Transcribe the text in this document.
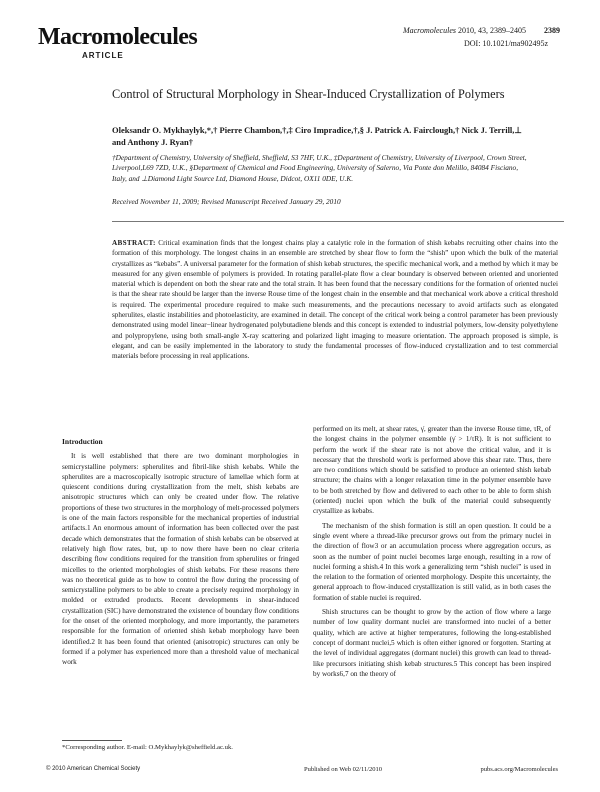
Macromolecules
ARTICLE
Macromolecules 2010, 43, 2389–2405 2389
DOI: 10.1021/ma902495z
Control of Structural Morphology in Shear-Induced Crystallization of Polymers
Oleksandr O. Mykhaylyk,*,† Pierre Chambon,†,‡ Ciro Impradice,†,§ J. Patrick A. Fairclough,† Nick J. Terrill,⊥ and Anthony J. Ryan†
†Department of Chemistry, University of Sheffield, Sheffield, S3 7HF, U.K., ‡Department of Chemistry, University of Liverpool, Crown Street, Liverpool,L69 7ZD, U.K., §Department of Chemical and Food Engineering, University of Salerno, Via Ponte don Melillo, 84084 Fisciano, Italy, and ⊥Diamond Light Source Ltd, Diamond House, Didcot, OX11 0DE, U.K.
Received November 11, 2009; Revised Manuscript Received January 29, 2010
ABSTRACT: Critical examination finds that the longest chains play a catalytic role in the formation of shish kebabs recruiting other chains into the formation of this morphology. The longest chains in an ensemble are stretched by shear flow to form the “shish” upon which the bulk of the material crystallizes as “kebabs”. A universal parameter for the formation of shish kebab structures, the specific mechanical work, and a method by which it may be measured for any given ensemble of polymers is provided. In rotating parallel-plate flow a clear boundary is observed between oriented and unoriented material which is dependent on both the shear rate and the total strain. It has been found that the necessary conditions for the formation of oriented nuclei is that the shear rate should be larger than the inverse Rouse time of the longest chain in the ensemble and that mechanical work above a critical threshold is required. The experimental procedure required to make such measurements, and the precautions necessary to avoid artifacts such as elongated spherulites, elastic instabilities and photoelasticity, are examined in detail. The concept of the critical work being a control parameter has been previously demonstrated using model linear−linear hydrogenated polybutadiene blends and this concept is extended to industrial polymers, low-density polyethylene and polypropylene, using both small-angle X-ray scattering and polarized light imaging to measure orientation. The approach proposed is simple, is elegant, and can be easily implemented in the laboratory to study the fundamental processes of flow-induced crystallization and to test commercial materials before processing in real applications.

Introduction

It is well established that there are two dominant morphologies in semicrystalline polymers: spherulites and fibril-like shish kebabs. While the spherulites are a macroscopically isotropic structure of lamellae which form at quiescent conditions during crystallization from the melt, shish kebabs are anisotropic structures which can only be created under flow. The relative proportions of these two structures in the morphology of melt-processed polymers is one of the main factors responsible for the mechanical properties of industrial artifacts.1 An enormous amount of information has been collected over the past decade which demonstrates that the formation of shish kebabs can be observed at relatively high flow rates, but, up to now there have been no clear criteria describing flow conditions required for the transition from spherulites or fringed micelles to the oriented morphologies of shish kebabs. For these reasons there was no theoretical guide as to how to control the flow during the processing of semicrystalline polymers to be able to create a precisely required morphology in molded or extruded products. Recent developments in shear-induced crystallization (SIC) have demonstrated the existence of boundary flow conditions for the onset of the oriented morphology, and more importantly, the parameters responsible for the formation of oriented shish kebab morphology have been identified.2 It has been found that oriented (anisotropic) structures can only be formed if a polymer has experienced more than a threshold value of mechanical work

performed on its melt, at shear rates, γ̇, greater than the inverse Rouse time, τR, of the longest chains in the polymer ensemble (γ̇ > 1/τR). It is not sufficient to perform the work if the shear rate is not above the critical value, and it is necessary that the threshold work is performed above this shear rate. Thus, there are two conditions which should be satisfied to produce an oriented shish kebab structure; the chains with a longer relaxation time in the polymer ensemble have to be both stretched by flow and delivered to each other to be able to form shish (oriented) nuclei upon which the bulk of the material could subsequently crystallize as kebabs.

The mechanism of the shish formation is still an open question. It could be a single event where a thread-like precursor grows out from the primary nuclei in the direction of flow3 or an accumulation process where aggregation occurs, as soon as the number of point nuclei becomes large enough, resulting in a row of nuclei forming a shish.4 In this work a generalizing term “shish nuclei” is used in the relation to the formation of oriented morphology. Despite this uncertainty, the general approach to flow-induced crystallization is still valid, as in both cases the formation of stable nuclei is required.

Shish structures can be thought to grow by the action of flow where a large number of low quality dormant nuclei are transformed into nuclei of a better quality, which are active at higher temperatures, following the long-established concept of dormant nuclei,5 which is often either ignored or forgotten. Starting at the level of individual aggregates (dormant nuclei) this growth can lead to thread-like precursors initiating shish kebab structures.5 This concept has been inspired by works6,7 on the theory of

*Corresponding author. E-mail: O.Mykhaylyk@sheffield.ac.uk.
© 2010 American Chemical Society	Published on Web 02/11/2010	pubs.acs.org/Macromolecules
